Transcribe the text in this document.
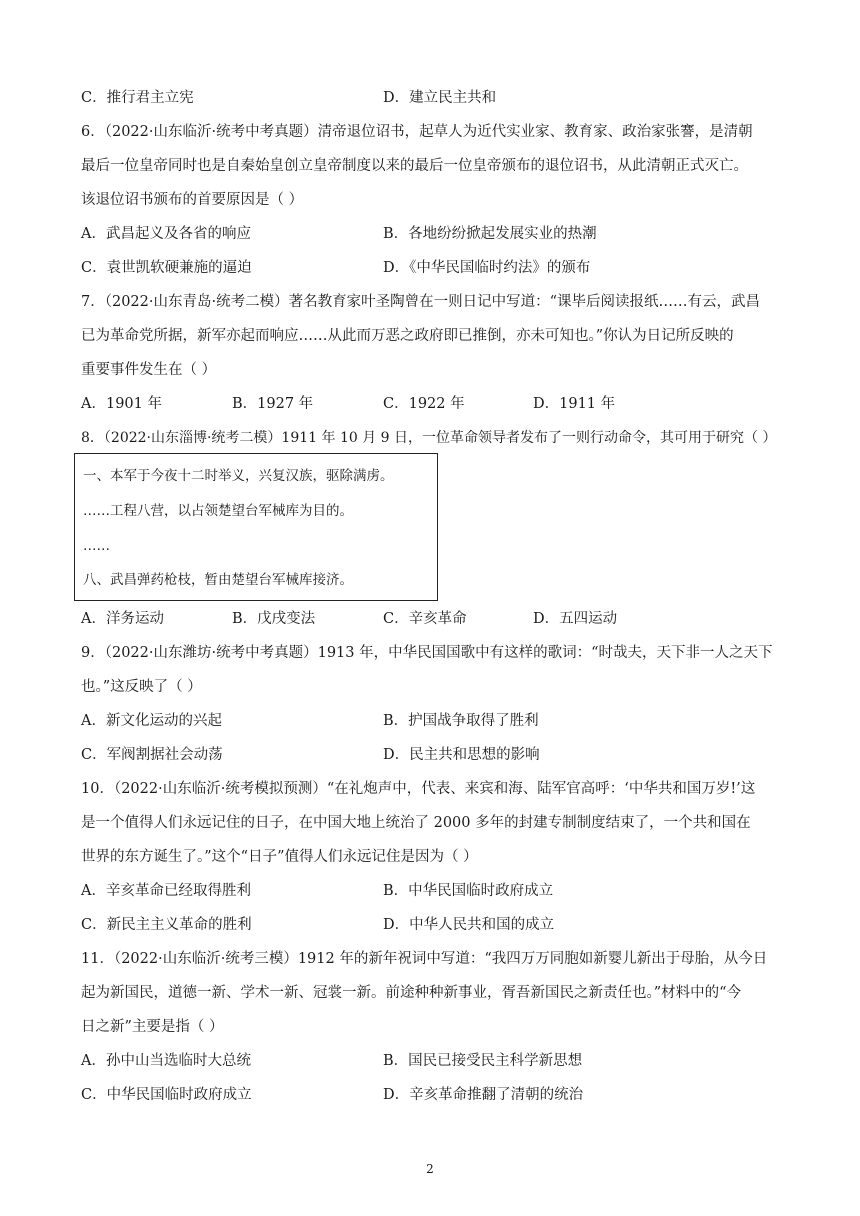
C．推行君主立宪	D．建立民主共和
6．（2022·山东临沂·统考中考真题）清帝退位诏书，起草人为近代实业家、教育家、政治家张謇，是清朝
最后一位皇帝同时也是自秦始皇创立皇帝制度以来的最后一位皇帝颁布的退位诏书，从此清朝正式灭亡。
该退位诏书颁布的首要原因是（ ）
A．武昌起义及各省的响应	B．各地纷纷掀起发展实业的热潮
C．袁世凯软硬兼施的逼迫	D．《中华民国临时约法》的颁布
7．（2022·山东青岛·统考二模）著名教育家叶圣陶曾在一则日记中写道：“课毕后阅读报纸……有云，武昌
已为革命党所据，新军亦起而响应……从此而万恶之政府即已推倒，亦未可知也。”你认为日记所反映的
重要事件发生在（ ）
A．1901 年	B．1927 年	C．1922 年	D．1911 年
8．（2022·山东淄博·统考二模）1911 年 10 月 9 日，一位革命领导者发布了一则行动命令，其可用于研究（ ）
一、本军于今夜十二时举义，兴复汉族，驱除满虏。
……工程八营，以占领楚望台军械库为目的。
……
八、武昌弹药枪枝，暂由楚望台军械库接济。
A．洋务运动	B．戊戌变法	C．辛亥革命	D．五四运动
9．（2022·山东潍坊·统考中考真题）1913 年，中华民国国歌中有这样的歌词：“时哉夫，天下非一人之天下
也。”这反映了（ ）
A．新文化运动的兴起	B．护国战争取得了胜利
C．军阀割据社会动荡	D．民主共和思想的影响
10．（2022·山东临沂·统考模拟预测）“在礼炮声中，代表、来宾和海、陆军官高呼：‘中华共和国万岁!’这
是一个值得人们永远记住的日子，在中国大地上统治了 2000 多年的封建专制制度结束了，一个共和国在
世界的东方诞生了。”这个“日子”值得人们永远记住是因为（ ）
A．辛亥革命已经取得胜利	B．中华民国临时政府成立
C．新民主主义革命的胜利	D．中华人民共和国的成立
11．（2022·山东临沂·统考三模）1912 年的新年祝词中写道：“我四万万同胞如新婴儿新出于母胎，从今日
起为新国民，道德一新、学术一新、冠裳一新。前途种种新事业，胥吾新国民之新责任也。”材料中的“今
日之新”主要是指（ ）
A．孙中山当选临时大总统	B．国民已接受民主科学新思想
C．中华民国临时政府成立	D．辛亥革命推翻了清朝的统治
2
